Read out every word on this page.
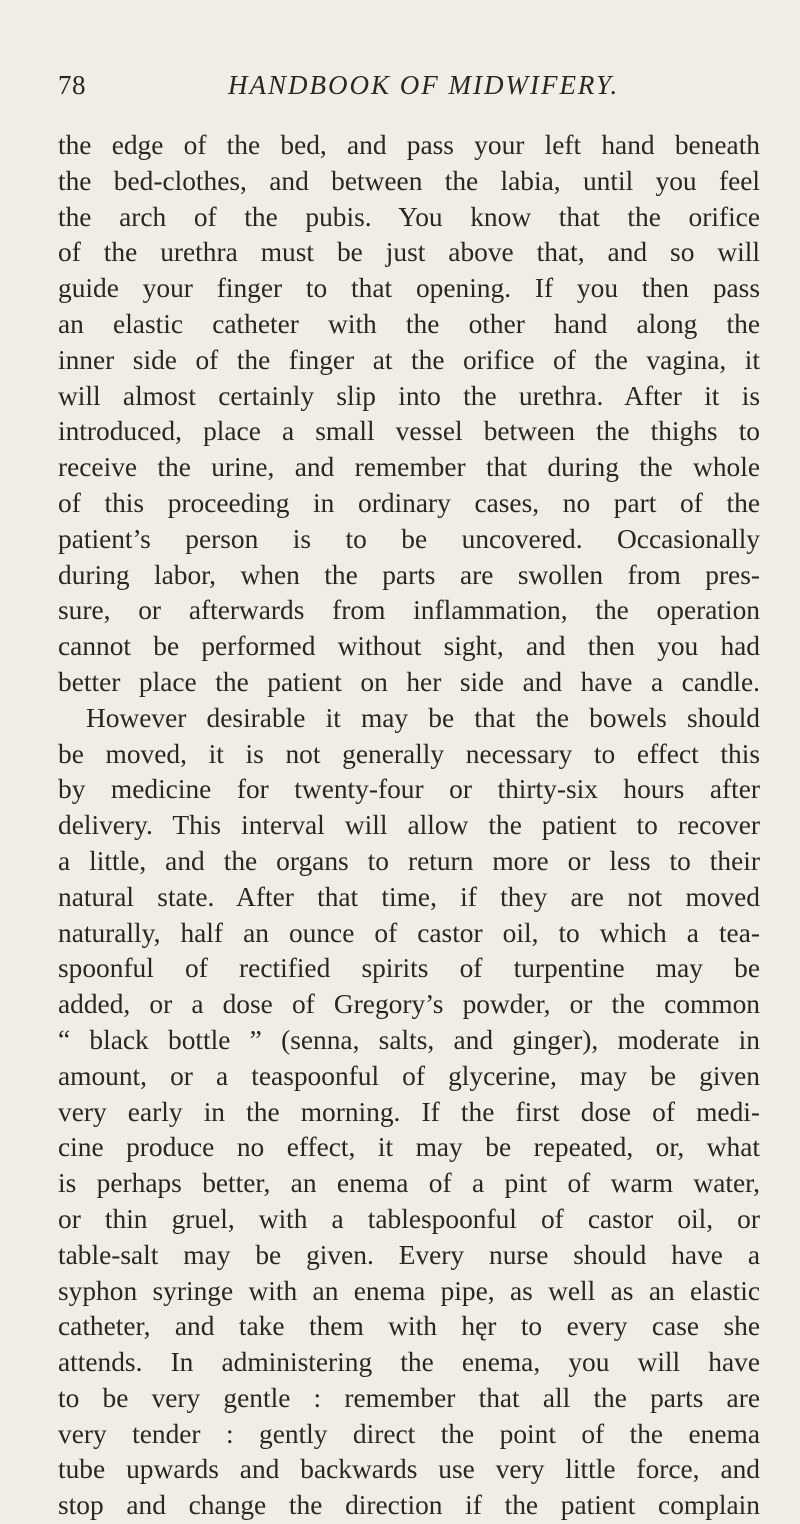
78	HANDBOOK OF MIDWIFERY.
the edge of the bed, and pass your left hand beneath
the bed-clothes, and between the labia, until you feel
the arch of the pubis. You know that the orifice
of the urethra must be just above that, and so will
guide your finger to that opening. If you then pass
an elastic catheter with the other hand along the
inner side of the finger at the orifice of the vagina, it
will almost certainly slip into the urethra. After it is
introduced, place a small vessel between the thighs to
receive the urine, and remember that during the whole
of this proceeding in ordinary cases, no part of the
patient’s person is to be uncovered. Occasionally
during labor, when the parts are swollen from pres-
sure, or afterwards from inflammation, the operation
cannot be performed without sight, and then you had
better place the patient on her side and have a candle.
However desirable it may be that the bowels should
be moved, it is not generally necessary to effect this
by medicine for twenty-four or thirty-six hours after
delivery. This interval will allow the patient to recover
a little, and the organs to return more or less to their
natural state. After that time, if they are not moved
naturally, half an ounce of castor oil, to which a tea-
spoonful of rectified spirits of turpentine may be
added, or a dose of Gregory’s powder, or the common
“ black bottle ” (senna, salts, and ginger), moderate in
amount, or a teaspoonful of glycerine, may be given
very early in the morning. If the first dose of medi-
cine produce no effect, it may be repeated, or, what
is perhaps better, an enema of a pint of warm water,
or thin gruel, with a tablespoonful of castor oil, or
table-salt may be given. Every nurse should have a
syphon syringe with an enema pipe, as well as an elastic
catheter, and take them with hęr to every case she
attends. In administering the enema, you will have
to be very gentle : remember that all the parts are
very tender : gently direct the point of the enema
tube upwards and backwards use very little force, and
stop and change the direction if the patient complain
